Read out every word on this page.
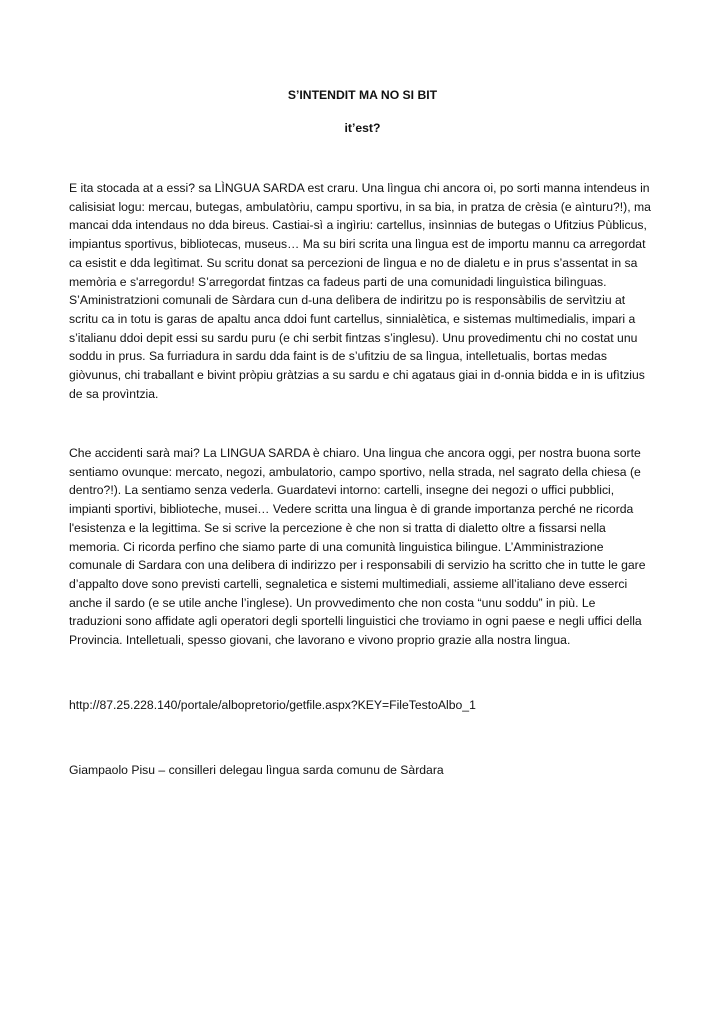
S’INTENDIT MA NO SI BIT

it’est?

E ita stocada at a essi? sa LÌNGUA SARDA est craru. Una lìngua chi ancora oi, po sorti manna intendeus in
calisisiat logu: mercau, butegas, ambulatòriu, campu sportivu, in sa bia, in pratza de crèsia (e aìnturu?!), ma
mancai dda intendaus no dda bireus. Castiai-sì a ingìriu: cartellus, insìnnias de butegas o Ufitzius Pùblicus,
impiantus sportivus, bibliotecas, museus… Ma su biri scrita una lìngua est de importu mannu ca arregordat
ca esistit e dda legìtimat. Su scritu donat sa percezioni de lìngua e no de dialetu e in prus s’assentat in sa
memòria e s'arregordu! S’arregordat fintzas ca fadeus parti de una comunidadi linguìstica bilìnguas.
S’Aministratzioni comunali de Sàrdara cun d-una delìbera de indiritzu po is responsàbilis de servìtziu at
scritu ca in totu is garas de apaltu anca ddoi funt cartellus, sinnialètica, e sistemas multimedialis, impari a
s’italianu ddoi depit essi su sardu puru (e chi serbit fintzas s’inglesu). Unu provedimentu chi no costat unu
soddu in prus. Sa furriadura in sardu dda faint is de s’ufitziu de sa lìngua, intelletualis, bortas medas
giòvunus, chi traballant e bivint pròpiu gràtzias a su sardu e chi agataus giai in d-onnia bidda e in is ufìtzius
de sa provìntzia.

Che accidenti sarà mai? La LINGUA SARDA è chiaro. Una lingua che ancora oggi, per nostra buona sorte
sentiamo ovunque: mercato, negozi, ambulatorio, campo sportivo, nella strada, nel sagrato della chiesa (e
dentro?!). La sentiamo senza vederla. Guardatevi intorno: cartelli, insegne dei negozi o uffici pubblici,
impianti sportivi, biblioteche, musei… Vedere scritta una lingua è di grande importanza perché ne ricorda
l'esistenza e la legittima. Se si scrive la percezione è che non si tratta di dialetto oltre a fissarsi nella
memoria. Ci ricorda perfino che siamo parte di una comunità linguistica bilingue. L’Amministrazione
comunale di Sardara con una delibera di indirizzo per i responsabili di servizio ha scritto che in tutte le gare
d’appalto dove sono previsti cartelli, segnaletica e sistemi multimediali, assieme all’italiano deve esserci
anche il sardo (e se utile anche l’inglese). Un provvedimento che non costa “unu soddu” in più. Le
traduzioni sono affidate agli operatori degli sportelli linguistici che troviamo in ogni paese e negli uffici della
Provincia. Intelletuali, spesso giovani, che lavorano e vivono proprio grazie alla nostra lingua.

http://87.25.228.140/portale/albopretorio/getfile.aspx?KEY=FileTestoAlbo_1

Giampaolo Pisu – consilleri delegau lìngua sarda comunu de Sàrdara
